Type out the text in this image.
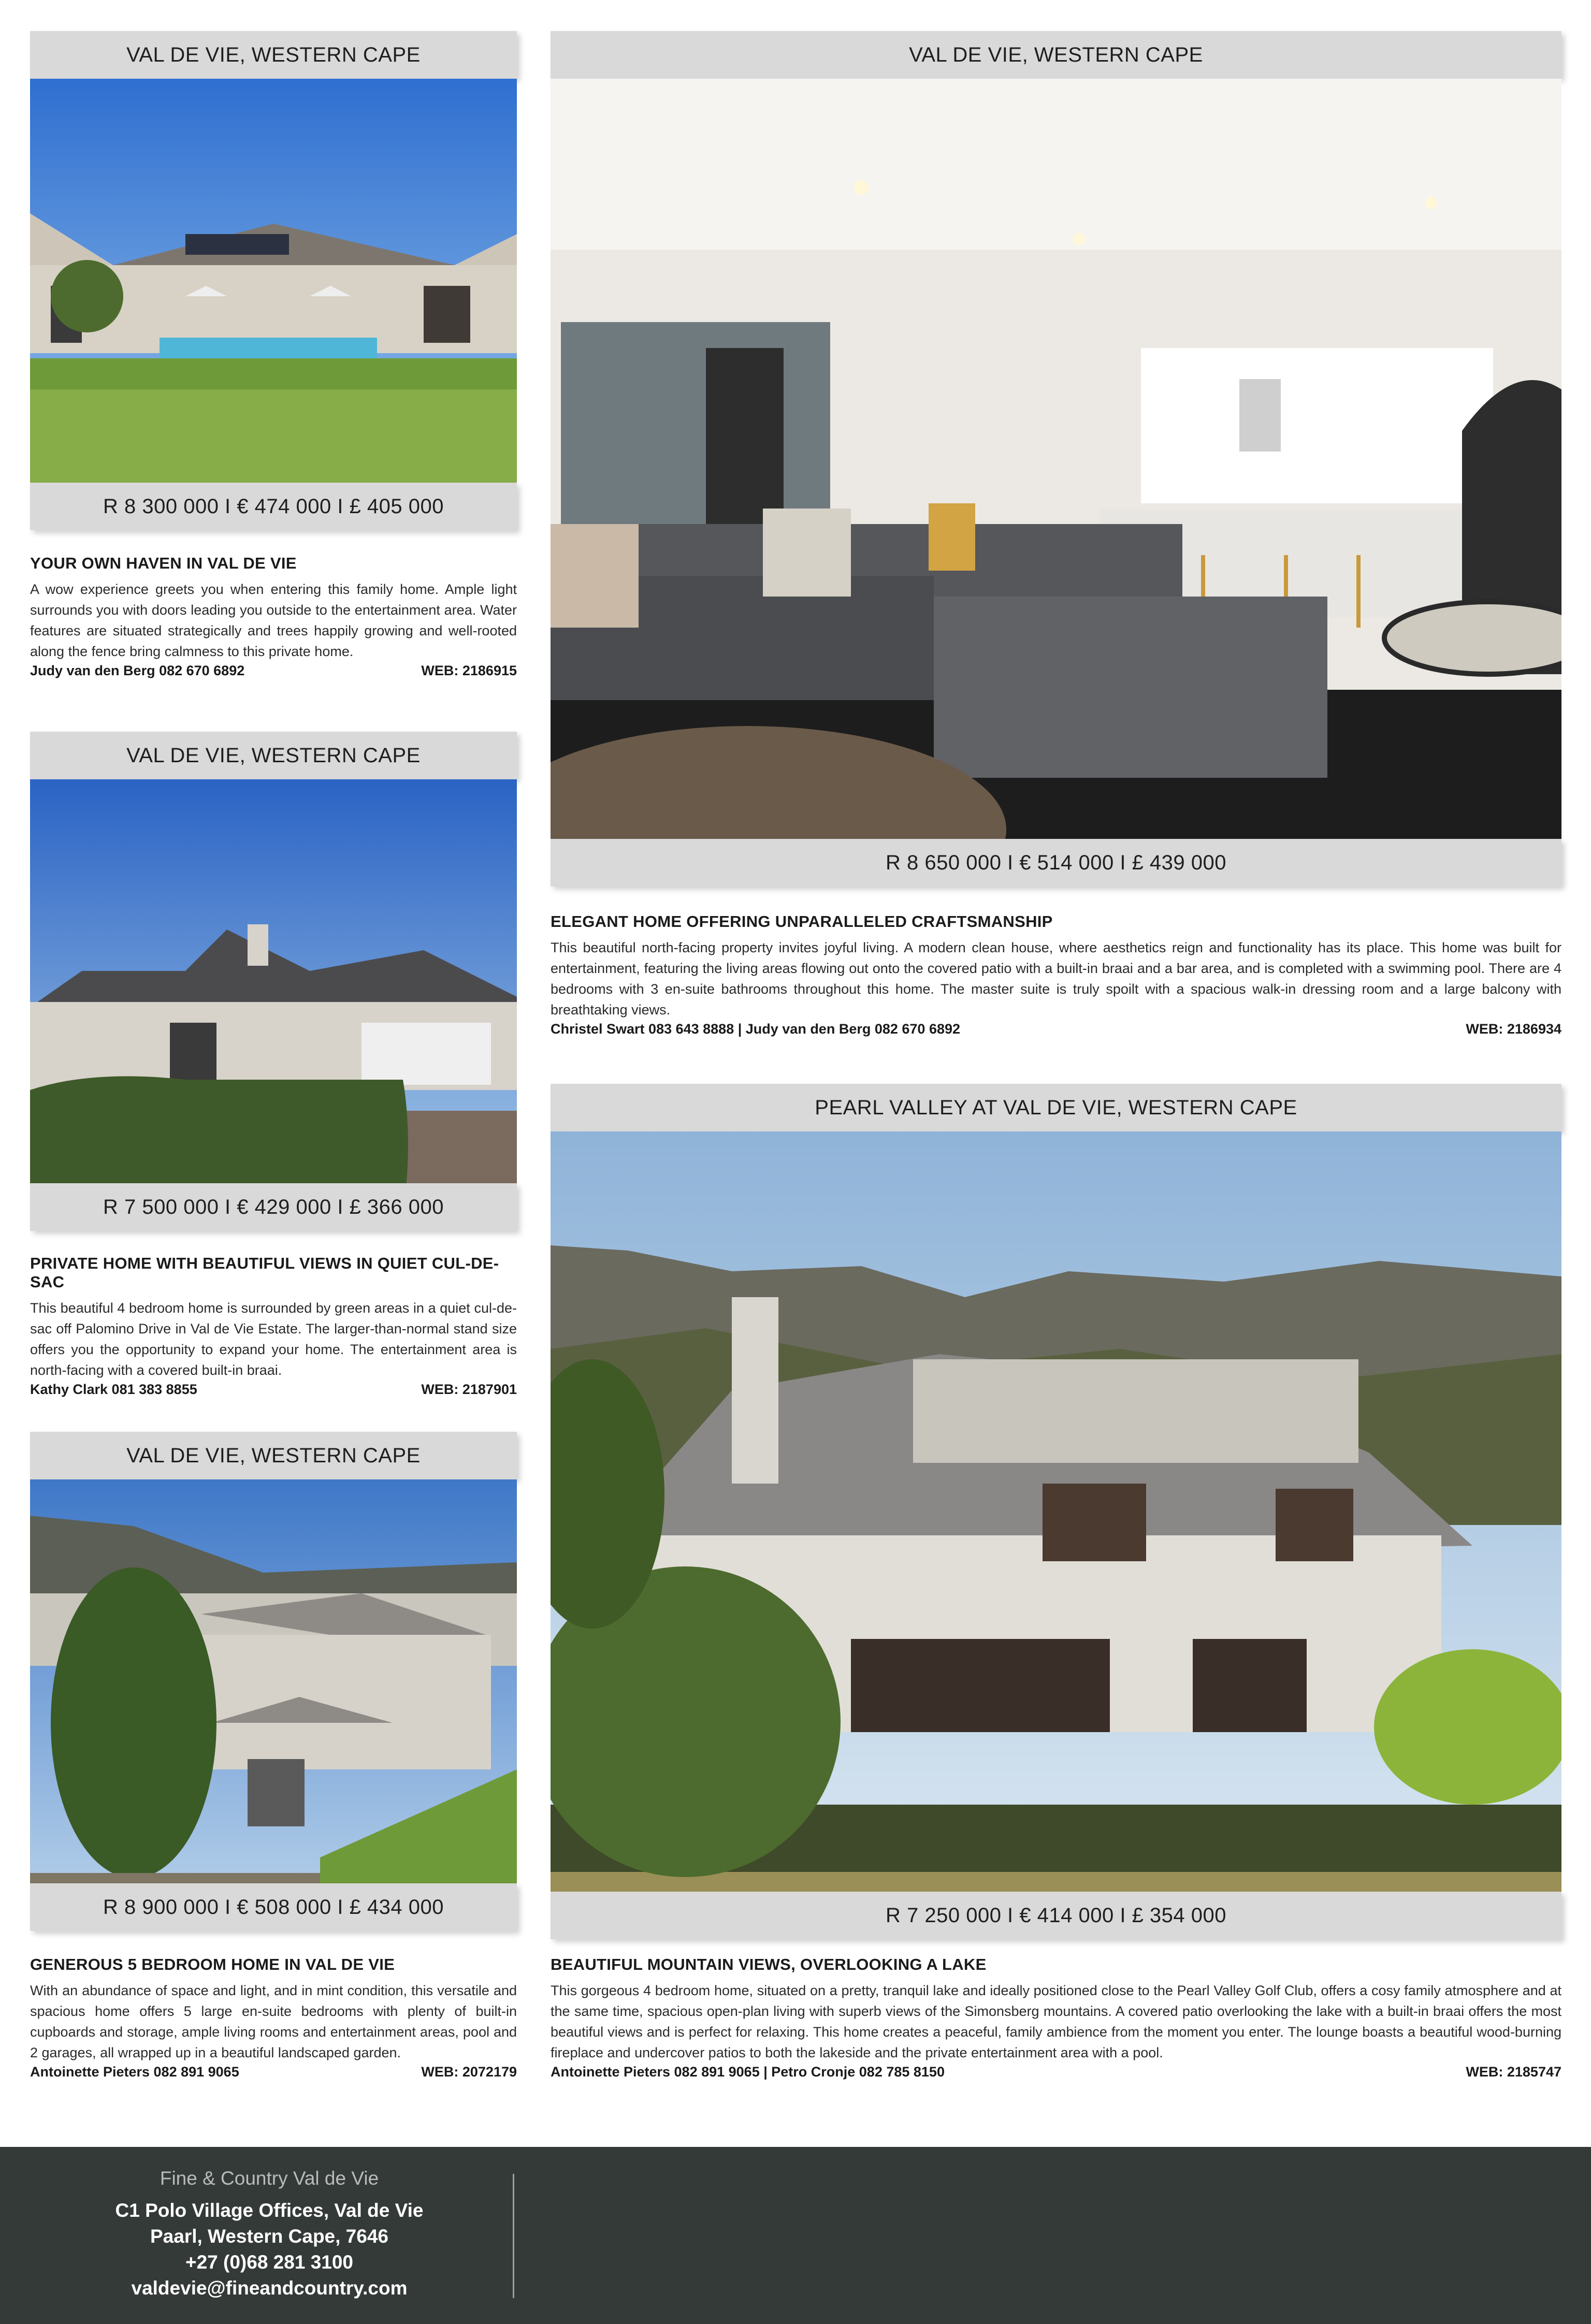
VAL DE VIE, WESTERN CAPE
R 8 300 000 I € 474 000 I £ 405 000
YOUR OWN HAVEN IN VAL DE VIE
A wow experience greets you when entering this family home. Ample light surrounds you with doors leading you outside to the entertainment area. Water features are situated strategically and trees happily growing and well-rooted along the fence bring calmness to this private home.
Judy van den Berg 082 670 6892	WEB: 2186915
VAL DE VIE, WESTERN CAPE
R 8 650 000 I € 514 000 I £ 439 000
ELEGANT HOME OFFERING UNPARALLELED CRAFTSMANSHIP
This beautiful north-facing property invites joyful living. A modern clean house, where aesthetics reign and functionality has its place. This home was built for entertainment, featuring the living areas flowing out onto the covered patio with a built-in braai and a bar area, and is completed with a swimming pool. There are 4 bedrooms with 3 en-suite bathrooms throughout this home. The master suite is truly spoilt with a spacious walk-in dressing room and a large balcony with breathtaking views.
Christel Swart 083 643 8888 | Judy van den Berg 082 670 6892	WEB: 2186934
VAL DE VIE, WESTERN CAPE
R 7 500 000 I € 429 000 I £ 366 000
PRIVATE HOME WITH BEAUTIFUL VIEWS IN QUIET CUL-DE-SAC
This beautiful 4 bedroom home is surrounded by green areas in a quiet cul-de-sac off Palomino Drive in Val de Vie Estate. The larger-than-normal stand size offers you the opportunity to expand your home. The entertainment area is north-facing with a covered built-in braai.
Kathy Clark 081 383 8855	WEB: 2187901
PEARL VALLEY AT VAL DE VIE, WESTERN CAPE
R 7 250 000 I € 414 000 I £ 354 000
BEAUTIFUL MOUNTAIN VIEWS, OVERLOOKING A LAKE
This gorgeous 4 bedroom home, situated on a pretty, tranquil lake and ideally positioned close to the Pearl Valley Golf Club, offers a cosy family atmosphere and at the same time, spacious open-plan living with superb views of the Simonsberg mountains. A covered patio overlooking the lake with a built-in braai offers the most beautiful views and is perfect for relaxing. This home creates a peaceful, family ambience from the moment you enter. The lounge boasts a beautiful wood-burning fireplace and undercover patios to both the lakeside and the private entertainment area with a pool.
Antoinette Pieters 082 891 9065 | Petro Cronje 082 785 8150	WEB: 2185747
VAL DE VIE, WESTERN CAPE
R 8 900 000 I € 508 000 I £ 434 000
GENEROUS 5 BEDROOM HOME IN VAL DE VIE
With an abundance of space and light, and in mint condition, this versatile and spacious home offers 5 large en-suite bedrooms with plenty of built-in cupboards and storage, ample living rooms and entertainment areas, pool and 2 garages, all wrapped up in a beautiful landscaped garden.
Antoinette Pieters 082 891 9065	WEB: 2072179
Fine & Country Val de Vie
C1 Polo Village Offices, Val de Vie
Paarl, Western Cape, 7646
+27 (0)68 281 3100
valdevie@fineandcountry.com
